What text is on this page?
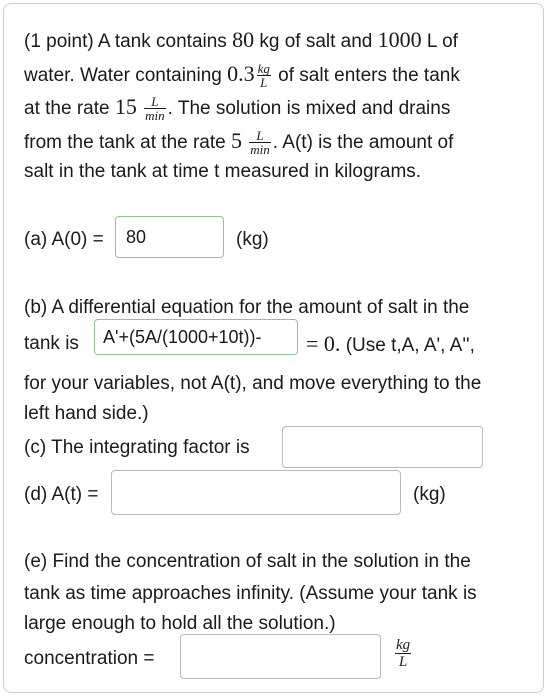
(1 point) A tank contains 80 kg of salt and 1000 L of
water. Water containing $0.3 \frac{kg}{L}$ of salt enters the tank
at the rate $15 \frac{L}{\min}$ . The solution is mixed and drains
from the tank at the rate $5 \frac{L}{\min}$ . A(t) is the amount of
salt in the tank at time t measured in kilograms.
(a) A(0) =
80	(kg)
(b) A differential equation for the amount of salt in the
tank is	A'+(5A/(1000+10t))-	= 0. (Use t,A, A', A'',
for your variables, not A(t), and move everything to the
left hand side.)
(c) The integrating factor is
(d) A(t) =	(kg)
(e) Find the concentration of salt in the solution in the
tank as time approaches infinity. (Assume your tank is
large enough to hold all the solution.)
concentration =	$\frac{kg}{L}$
